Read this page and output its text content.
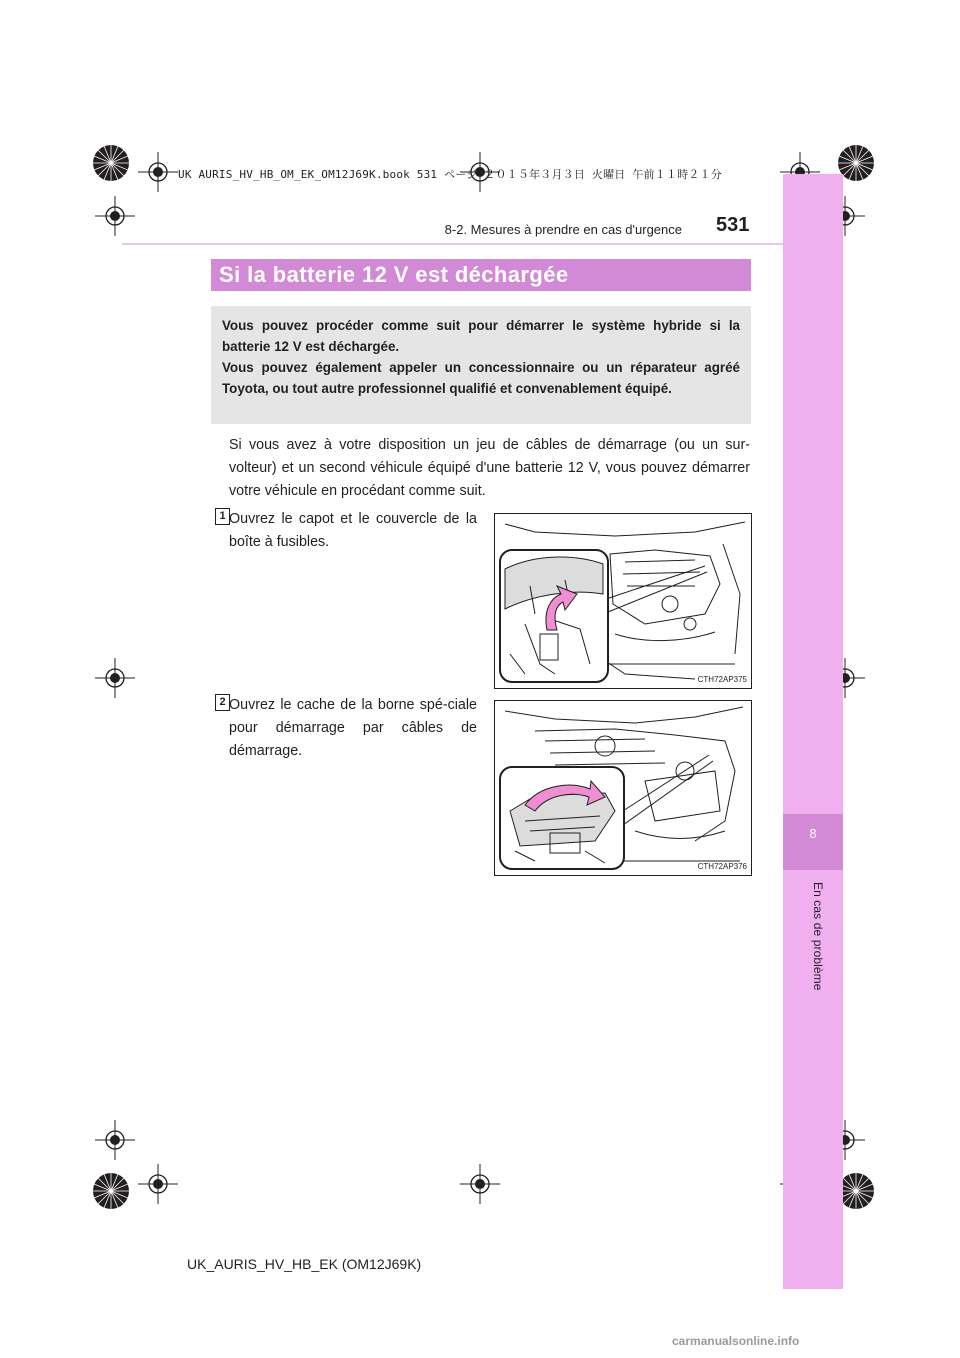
UK AURIS_HV_HB_OM_EK_OM12J69K.book 531 ページ ２０１５年３月３日 火曜日 午前１１時２１分
8
En cas de problème
8-2. Mesures à prendre en cas d'urgence 531
Si la batterie 12 V est déchargée

Vous pouvez procéder comme suit pour démarrer le système hybride si la batterie 12 V est déchargée.

Vous pouvez également appeler un concessionnaire ou un réparateur agréé Toyota, ou tout autre professionnel qualifié et convenablement équipé.

Si vous avez à votre disposition un jeu de câbles de démarrage (ou un sur-volteur) et un second véhicule équipé d'une batterie 12 V, vous pouvez démarrer votre véhicule en procédant comme suit.
1 Ouvrez le capot et le couvercle de la boîte à fusibles.
CTH72AP375
2 Ouvrez le cache de la borne spé-ciale pour démarrage par câbles de démarrage.
CTH72AP376
UK_AURIS_HV_HB_EK (OM12J69K)
carmanualsonline.info
